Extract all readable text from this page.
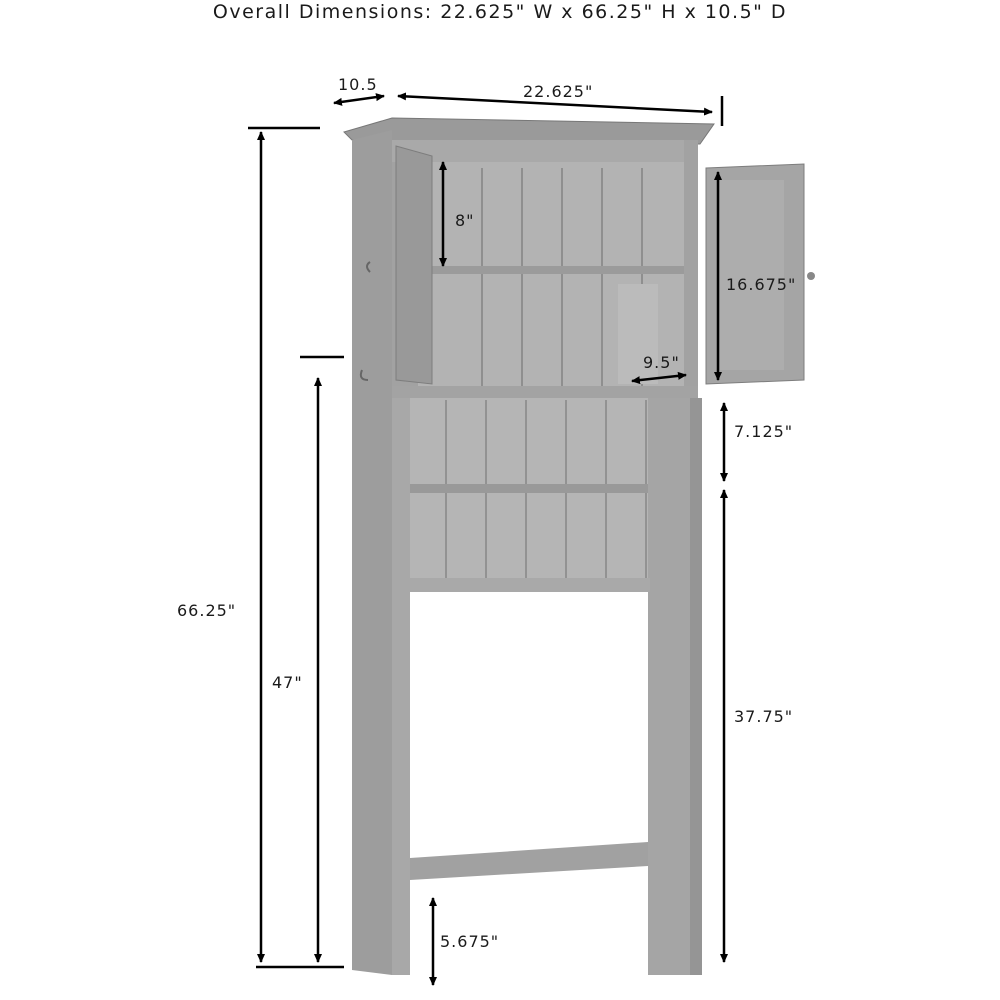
Overall Dimensions: 22.625" W x 66.25" H x 10.5" D
10.5	22.625"
66.25"
47"
8"
16.675"
9.5"
7.125"
37.75"
5.675"
